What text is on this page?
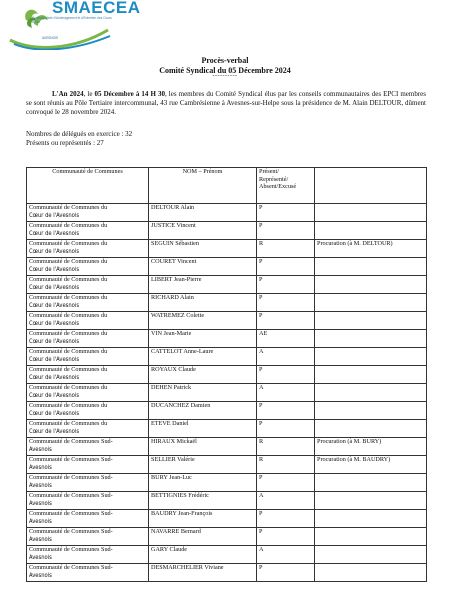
SMAECEA
Syndicat Mixte d'Aménagement et d'Entretien des Cours d'Eau
AVESNOIS
Procès-verbal
Comité Syndical du 05 Décembre 2024
----------
L'An 2024, le 05 Décembre à 14 H 30, les membres du Comité Syndical élus par les conseils communautaires des EPCI membres se sont réunis au Pôle Tertiaire intercommunal, 43 rue Cambrésienne à Avesnes-sur-Helpe sous la présidence de M. Alain DELTOUR, dûment convoqué le 28 novembre 2024.
Nombres de délégués en exercice : 32
Présents ou représentés : 27
Communauté de Communes	NOM – Prénom	Présent/
Représenté/
Absent/Excusé	

Communauté de Communes du
Cœur de l'Avesnois	DELTOUR Alain	P	

Communauté de Communes du
Cœur de l'Avesnois	JUSTICE Vincent	P	

Communauté de Communes du
Cœur de l'Avesnois	SEGUIN Sébastien	R	Procuration (à M. DELTOUR)

Communauté de Communes du
Cœur de l'Avesnois	COURET Vincent	P	

Communauté de Communes du
Cœur de l'Avesnois	LIBERT Jean-Pierre	P	

Communauté de Communes du
Cœur de l'Avesnois	RICHARD Alain	P	

Communauté de Communes du
Cœur de l'Avesnois	WATREMEZ Colette	P	

Communauté de Communes du
Cœur de l'Avesnois	VIN Jean-Marie	AE	

Communauté de Communes du
Cœur de l'Avesnois	CATTELOT Anne-Laure	A	

Communauté de Communes du
Cœur de l'Avesnois	ROYAUX Claude	P	

Communauté de Communes du
Cœur de l'Avesnois	DEHEN Patrick	A	

Communauté de Communes du
Cœur de l'Avesnois	DUCANCHEZ Damien	P	

Communauté de Communes du
Cœur de l'Avesnois	ETEVE Daniel	P	

Communauté de Communes Sud-
Avesnois	HIRAUX Mickaël	R	Procuration (à M. BURY)

Communauté de Communes Sud-
Avesnois	SELLIER Valérie	R	Procuration (à M. BAUDRY)

Communauté de Communes Sud-
Avesnois	BURY Jean-Luc	P	

Communauté de Communes Sud-
Avesnois	BETTIGNIES Frédéric	A	

Communauté de Communes Sud-
Avesnois	BAUDRY Jean-François	P	

Communauté de Communes Sud-
Avesnois	NAVARRE Bernard	P	

Communauté de Communes Sud-
Avesnois	GARY Claude	A	

Communauté de Communes Sud-
Avesnois	DESMARCHELIER Viviane	P	
